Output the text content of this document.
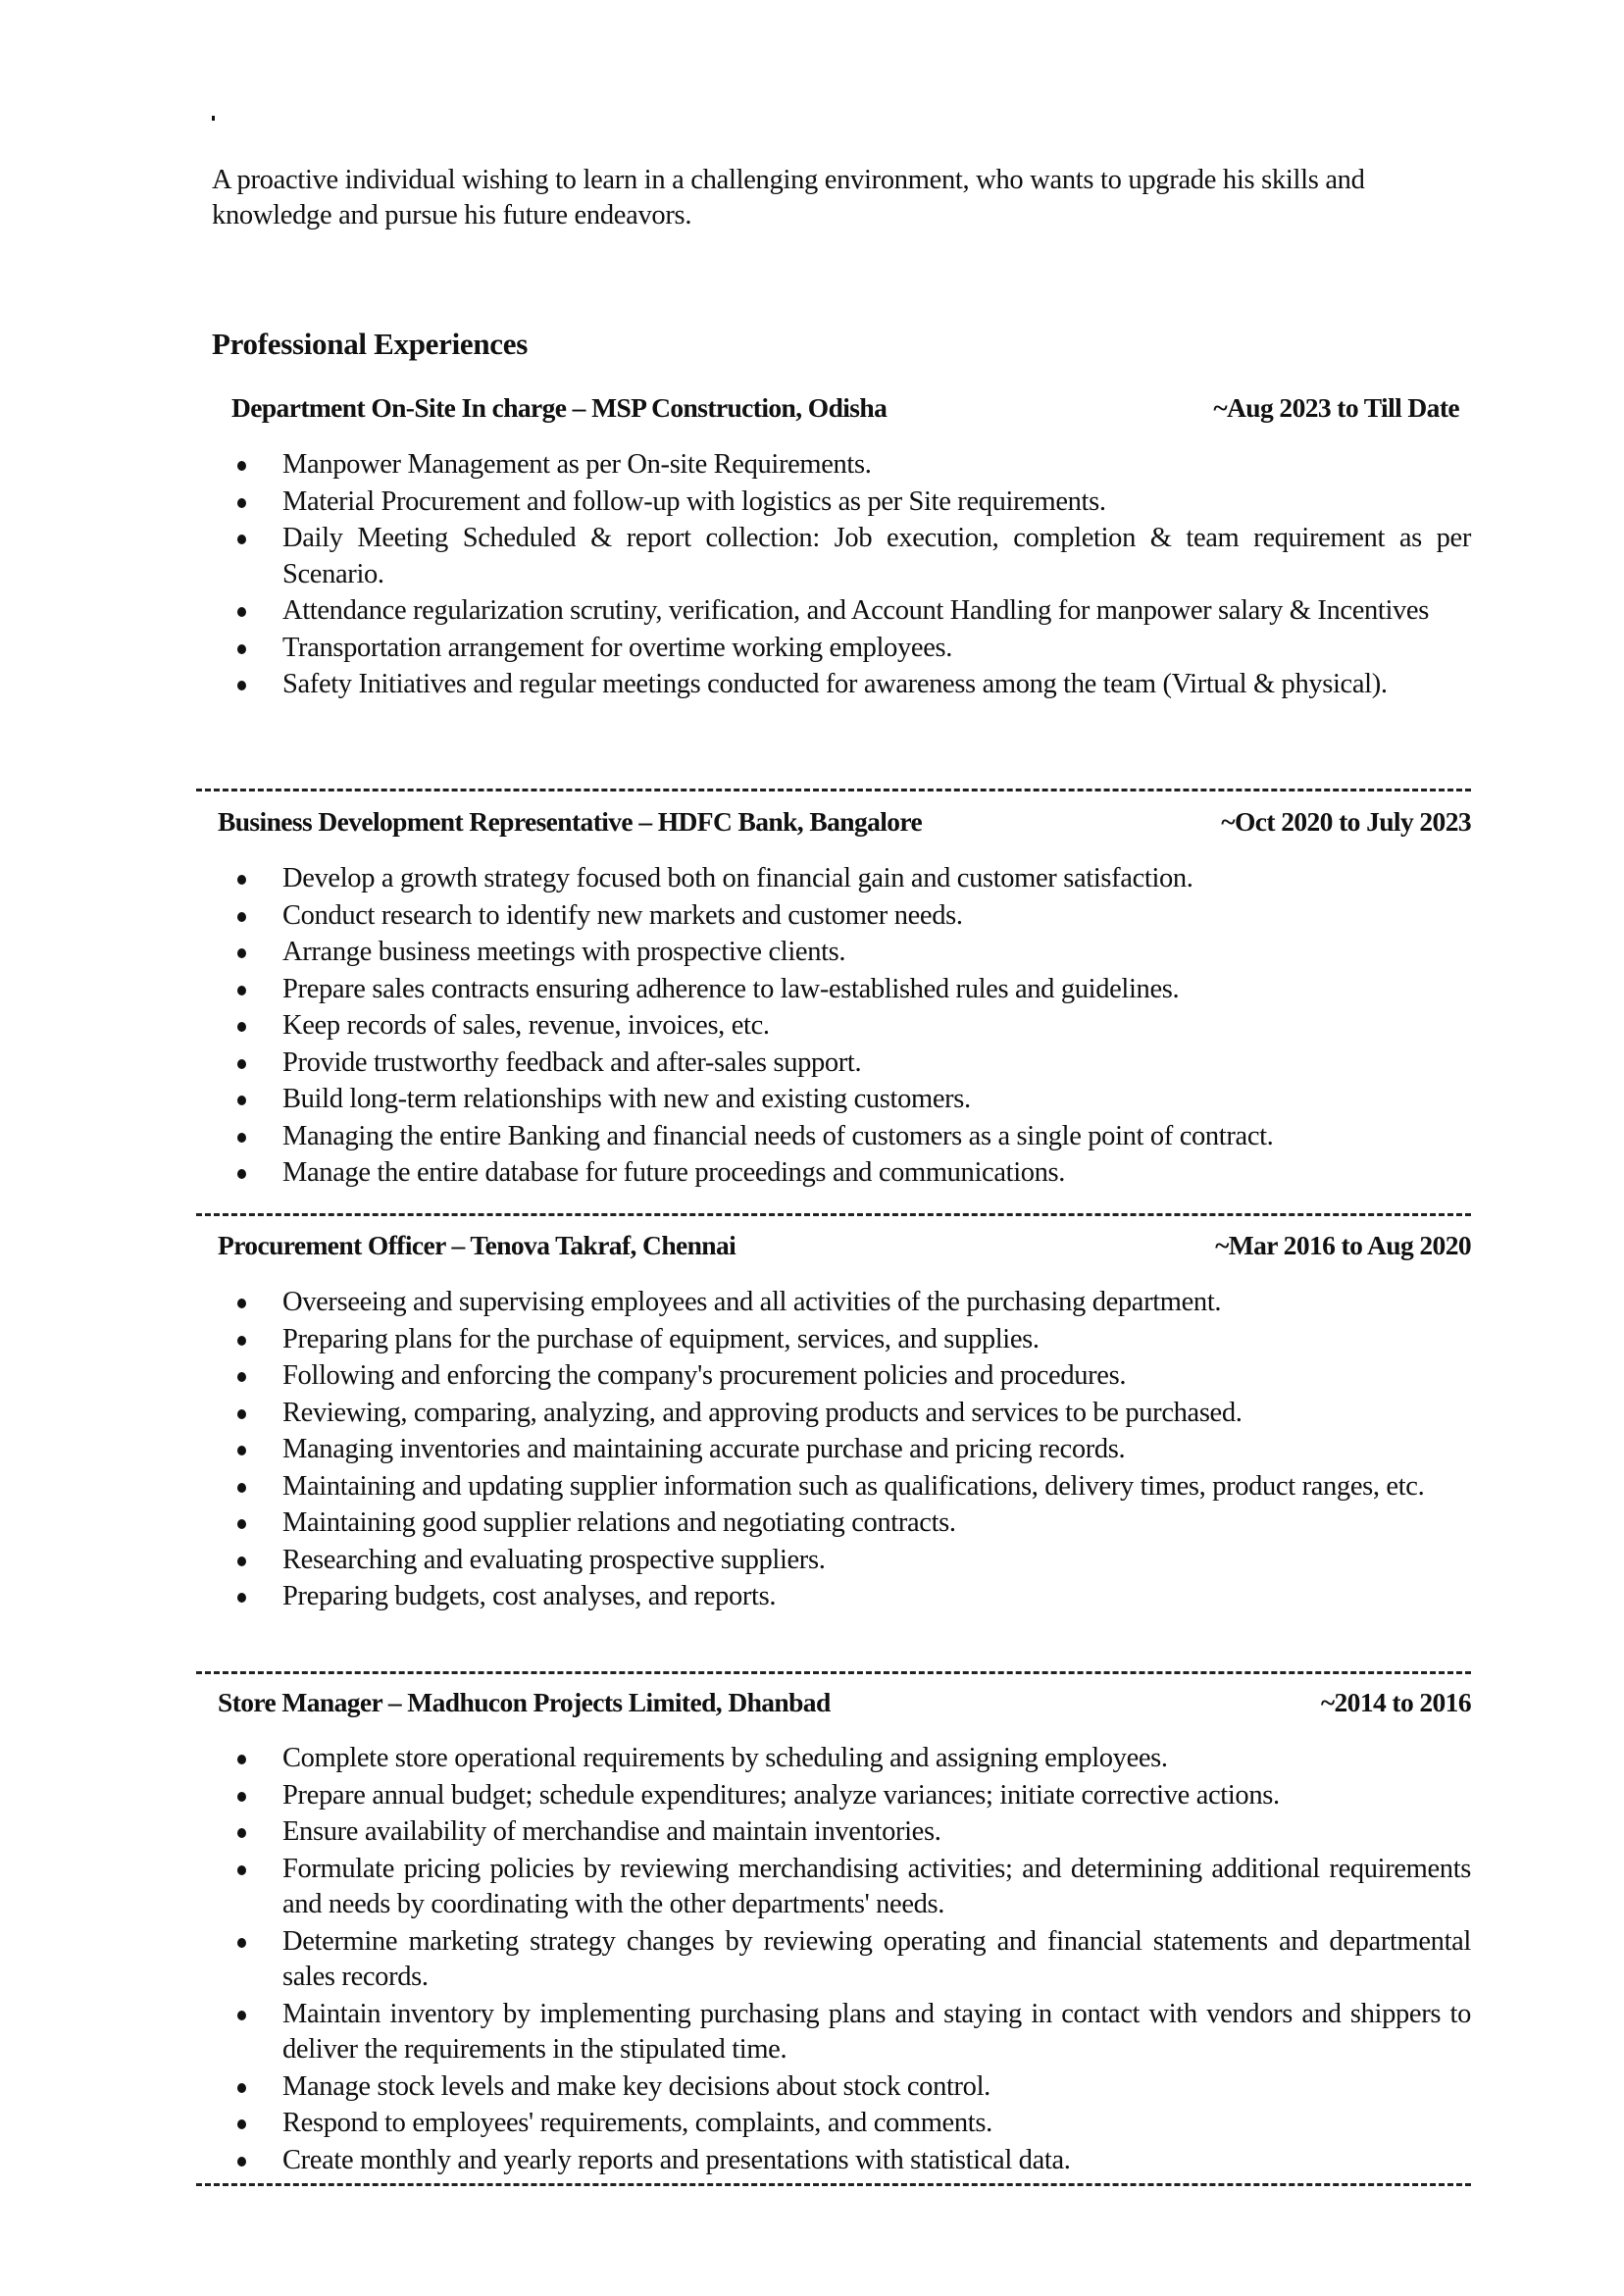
A proactive individual wishing to learn in a challenging environment, who wants to upgrade his skills and knowledge and pursue his future endeavors.

Professional Experiences
Department On-Site In charge – MSP Construction, Odisha	~Aug 2023 to Till Date
Manpower Management as per On-site Requirements.
Material Procurement and follow-up with logistics as per Site requirements.
Daily Meeting Scheduled & report collection: Job execution, completion & team requirement as per Scenario.
Attendance regularization scrutiny, verification, and Account Handling for manpower salary & Incentives
Transportation arrangement for overtime working employees.
Safety Initiatives and regular meetings conducted for awareness among the team (Virtual & physical).
Business Development Representative – HDFC Bank, Bangalore	~Oct 2020 to July 2023
Develop a growth strategy focused both on financial gain and customer satisfaction.
Conduct research to identify new markets and customer needs.
Arrange business meetings with prospective clients.
Prepare sales contracts ensuring adherence to law-established rules and guidelines.
Keep records of sales, revenue, invoices, etc.
Provide trustworthy feedback and after-sales support.
Build long-term relationships with new and existing customers.
Managing the entire Banking and financial needs of customers as a single point of contract.
Manage the entire database for future proceedings and communications.
Procurement Officer – Tenova Takraf, Chennai	~Mar 2016 to Aug 2020
Overseeing and supervising employees and all activities of the purchasing department.
Preparing plans for the purchase of equipment, services, and supplies.
Following and enforcing the company's procurement policies and procedures.
Reviewing, comparing, analyzing, and approving products and services to be purchased.
Managing inventories and maintaining accurate purchase and pricing records.
Maintaining and updating supplier information such as qualifications, delivery times, product ranges, etc.
Maintaining good supplier relations and negotiating contracts.
Researching and evaluating prospective suppliers.
Preparing budgets, cost analyses, and reports.
Store Manager – Madhucon Projects Limited, Dhanbad	~2014 to 2016
Complete store operational requirements by scheduling and assigning employees.
Prepare annual budget; schedule expenditures; analyze variances; initiate corrective actions.
Ensure availability of merchandise and maintain inventories.
Formulate pricing policies by reviewing merchandising activities; and determining additional requirements and needs by coordinating with the other departments' needs.
Determine marketing strategy changes by reviewing operating and financial statements and departmental sales records.
Maintain inventory by implementing purchasing plans and staying in contact with vendors and shippers to deliver the requirements in the stipulated time.
Manage stock levels and make key decisions about stock control.
Respond to employees' requirements, complaints, and comments.
Create monthly and yearly reports and presentations with statistical data.
